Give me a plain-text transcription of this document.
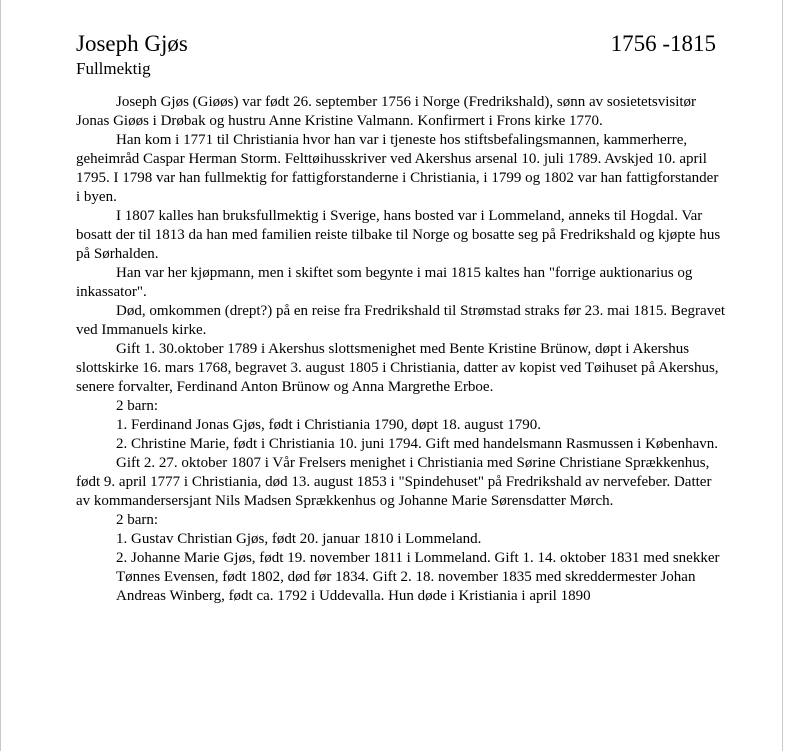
Joseph Gjøs	1756 -1815
Fullmektig

Joseph Gjøs (Giøøs) var født 26. september 1756 i Norge (Fredrikshald), sønn av sosietetsvisitør Jonas Giøøs i Drøbak og hustru Anne Kristine Valmann. Konfirmert i Frons kirke 1770.

Han kom i 1771 til Christiania hvor han var i tjeneste hos stiftsbefalingsmannen, kammerherre, geheimråd Caspar Herman Storm. Felttøihusskriver ved Akershus arsenal 10. juli 1789. Avskjed 10. april 1795. I 1798 var han fullmektig for fattigforstanderne i Christiania, i 1799 og 1802 var han fattigforstander i byen.

I 1807 kalles han bruksfullmektig i Sverige, hans bosted var i Lommeland, anneks til Hogdal. Var bosatt der til 1813 da han med familien reiste tilbake til Norge og bosatte seg på Fredrikshald og kjøpte hus på Sørhalden.

Han var her kjøpmann, men i skiftet som begynte i mai 1815 kaltes han "forrige auktionarius og inkassator".

Død, omkommen (drept?) på en reise fra Fredrikshald til Strømstad straks før 23. mai 1815. Begravet ved Immanuels kirke.

Gift 1. 30.oktober 1789 i Akershus slottsmenighet med Bente Kristine Brünow, døpt i Akershus slottskirke 16. mars 1768, begravet 3. august 1805 i Christiania, datter av kopist ved Tøihuset på Akershus, senere forvalter, Ferdinand Anton Brünow og Anna Margrethe Erboe.

2 barn:

1. Ferdinand Jonas Gjøs, født i Christiania 1790, døpt 18. august 1790.

2. Christine Marie, født i Christiania 10. juni 1794. Gift med handelsmann Rasmussen i København.

Gift 2. 27. oktober 1807 i Vår Frelsers menighet i Christiania med Sørine Christiane Sprækkenhus, født 9. april 1777 i Christiania, død 13. august 1853 i "Spindehuset" på Fredrikshald av nervefeber. Datter av kommandersersjant Nils Madsen Sprækkenhus og Johanne Marie Sørensdatter Mørch.

2 barn:

1. Gustav Christian Gjøs, født 20. januar 1810 i Lommeland.

2. Johanne Marie Gjøs, født 19. november 1811 i Lommeland. Gift 1. 14. oktober 1831 med snekker Tønnes Evensen, født 1802, død før 1834. Gift 2. 18. november 1835 med skreddermester Johan Andreas Winberg, født ca. 1792 i Uddevalla. Hun døde i Kristiania i april 1890
